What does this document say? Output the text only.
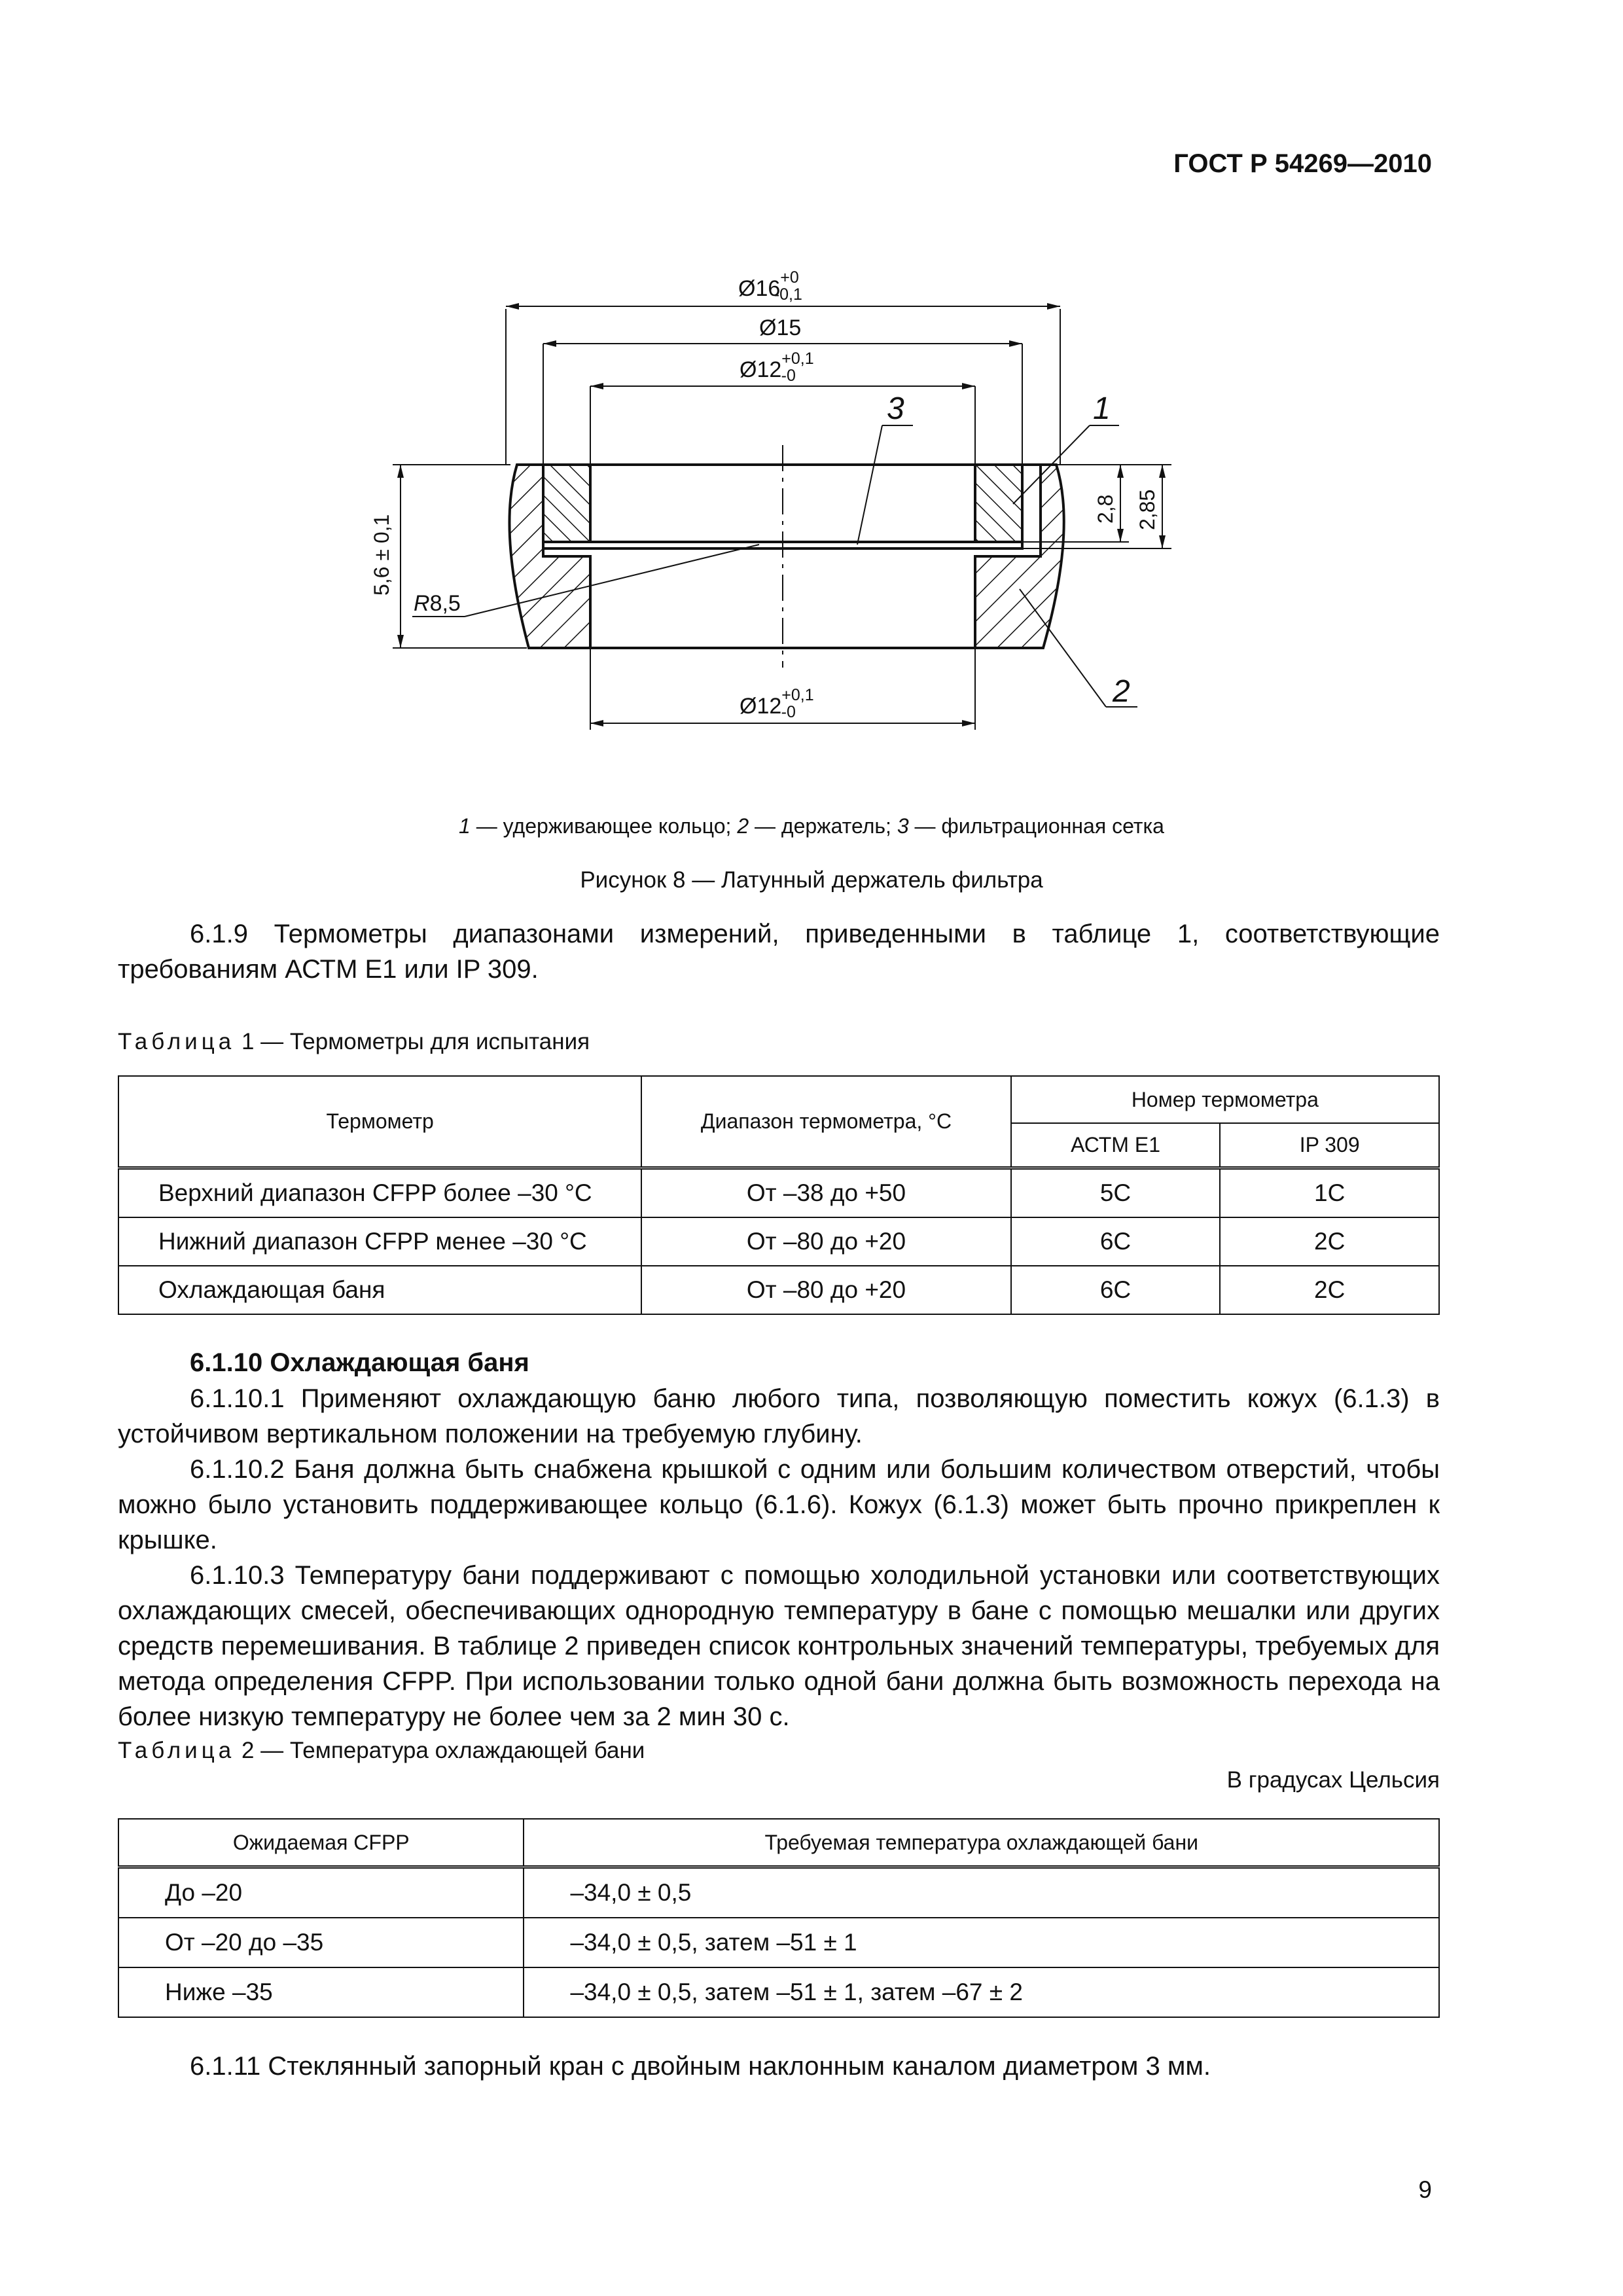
ГОСТ Р 54269—2010
$Ø16^{+0}$ -0,1
Ø15
$Ø12^{+0,1}$ -0
$Ø12^{+0,1}$ -0
5,6 ± 0,1
2,8 2,85
R8,5
1
2
3
1 — удерживающее кольцо; 2 — держатель; 3 — фильтрационная сетка
Рисунок 8 — Латунный держатель фильтра

6.1.9 Термометры диапазонами измерений, приведенными в таблице 1, соответствующие требованиям АСТМ Е1 или IP 309.

Таблица 1 — Термометры для испытания
Термометр	Диапазон термометра, °С	Номер термометра	
		АСТМ Е1	IP 309
Верхний диапазон CFPP более –30 °С	От –38 до +50	5С	1С
Нижний диапазон CFPP менее –30 °С	От –80 до +20	6С	2С
Охлаждающая баня	От –80 до +20	6С	2С
6.1.10 Охлаждающая баня

6.1.10.1 Применяют охлаждающую баню любого типа, позволяющую поместить кожух (6.1.3) в устойчивом вертикальном положении на требуемую глубину.

6.1.10.2 Баня должна быть снабжена крышкой с одним или большим количеством отверстий, чтобы можно было установить поддерживающее кольцо (6.1.6). Кожух (6.1.3) может быть прочно прикреплен к крышке.

6.1.10.3 Температуру бани поддерживают с помощью холодильной установки или соответствующих охлаждающих смесей, обеспечивающих однородную температуру в бане с помощью мешалки или других средств перемешивания. В таблице 2 приведен список контрольных значений температуры, требуемых для метода определения CFPP. При использовании только одной бани должна быть возможность перехода на более низкую температуру не более чем за 2 мин 30 с.

Таблица 2 — Температура охлаждающей бани
В градусах Цельсия
Ожидаемая CFPP	Требуемая температура охлаждающей бани
До –20	–34,0 ± 0,5
От –20 до –35	–34,0 ± 0,5, затем –51 ± 1
Ниже –35	–34,0 ± 0,5, затем –51 ± 1, затем –67 ± 2

6.1.11 Стеклянный запорный кран с двойным наклонным каналом диаметром 3 мм.

9
